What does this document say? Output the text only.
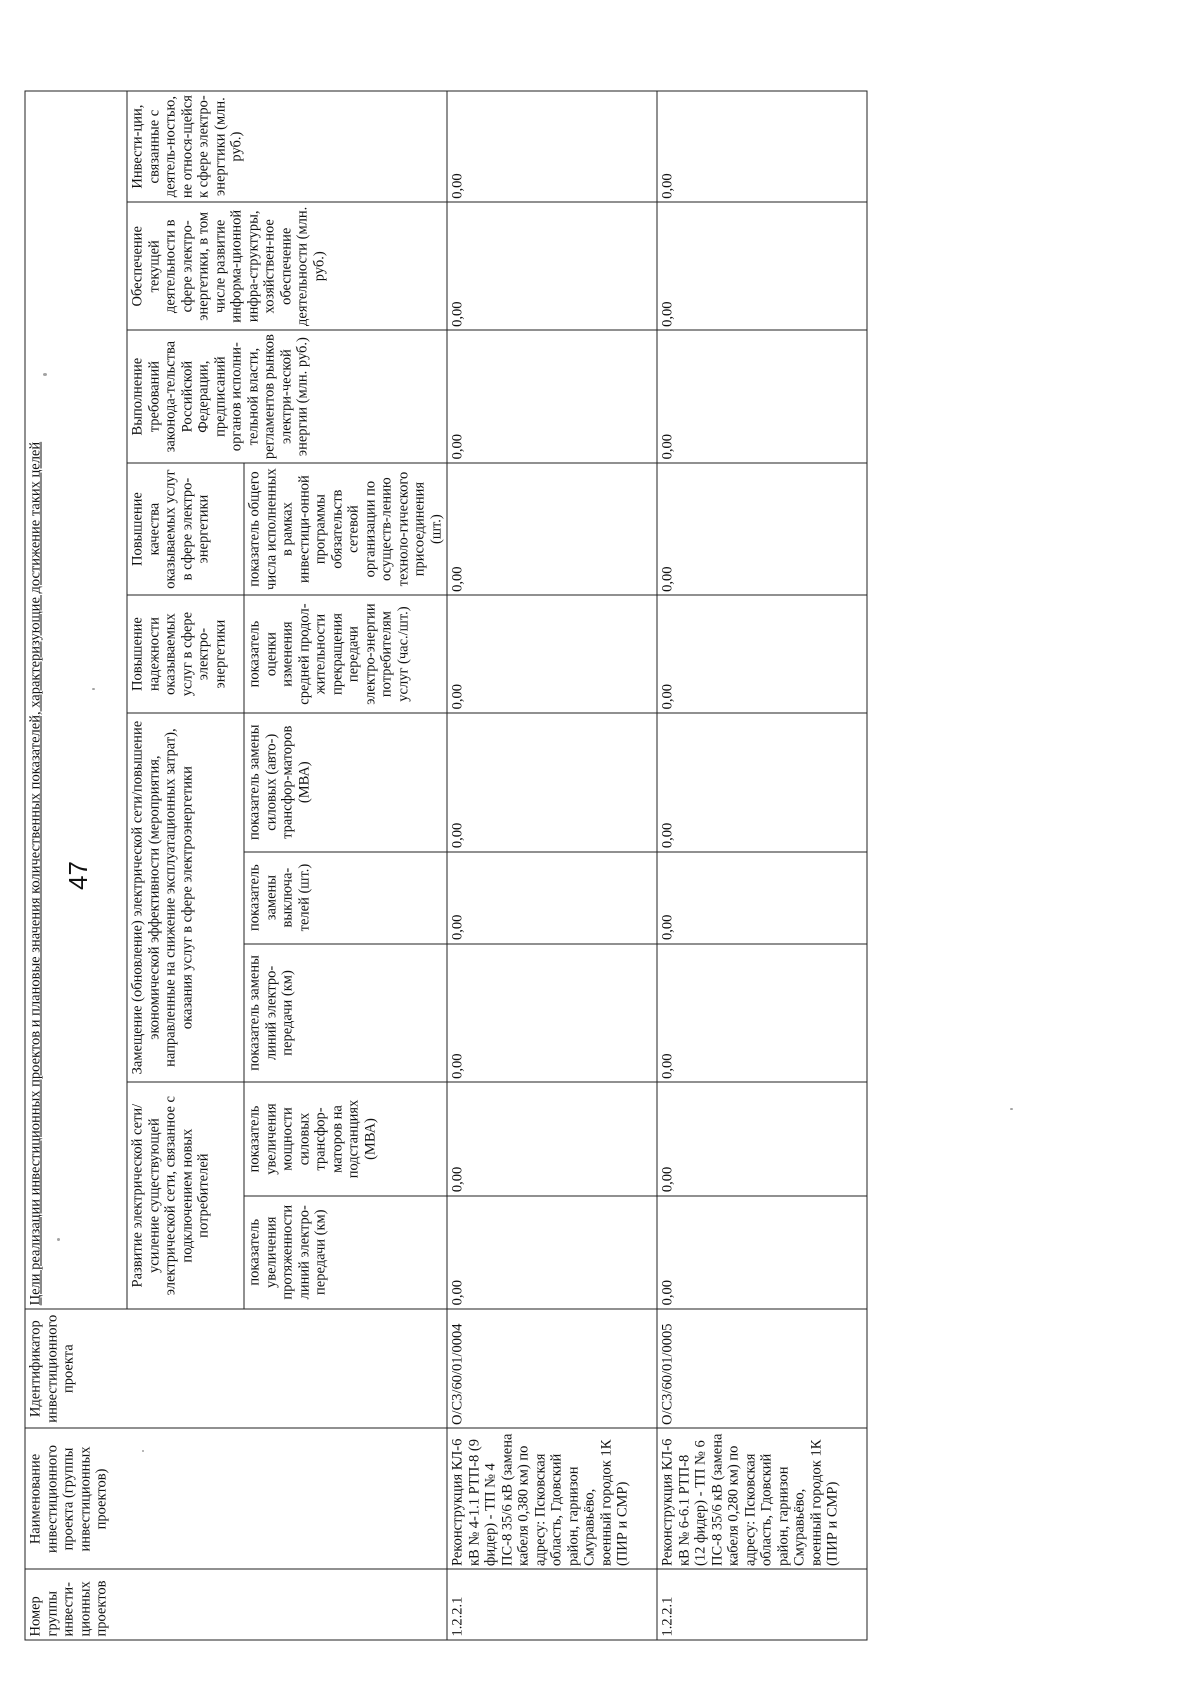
47
Номер группы инвести-ционных проектов	Наименование инвестиционного проекта (группы инвестиционных проектов)	Идентификатор инвестиционного проекта	Цели реализации инвестиционных проектов и плановые значения количественных показателей, характеризующие достижение таких целей									
			Развитие электрической сети/усиление существующей электрической сети, связанное с подключением новых потребителей		Замещение (обновление) электрической сети/повышение экономической эффективности (мероприятия, направленные на снижение эксплуатационных затрат), оказания услуг в сфере электроэнергетики			Повышение надежности оказываемых услуг в сфере электро-энергетики	Повышение качества оказываемых услуг в сфере электро-энергетики	Выполнение требований законода-тельства Российской Федерации, предписаний органов исполни-тельной власти, регламентов рынков электри-ческой энергии (млн. руб.)	Обеспечение текущей деятельности в сфере электро-энергетики, в том числе развитие информа-ционной инфра-структуры, хозяйствен-ное обеспечение деятельности (млн. руб.)	Инвести-ции, связанные с деятель-ностью, не относя-щейся к сфере электро-энергтики (млн. руб.)
			показатель увеличения протяженности линий электро-передачи (км)	показатель увеличения мощности силовых трансфор-маторов на подстанциях (МВА)	показатель замены линий электро-передачи (км)	показатель замены выключа-телей (шт.)	показатель замены силовых (авто-) трансфор-маторов (МВА)	показатель оценки изменения средней продол-жительности прекращения передачи электро-энергии потребителям услуг (час./шт.)	показатель общего числа исполненных в рамках инвестици-онной программы обязательств сетевой организации по осуществ-лению техноло-гического присоединения (шт.)			
1.2.2.1	Реконструкция КЛ-6 кВ № 4-1.1 РТП-8 (9 фидер) - ТП № 4 ПС-8 35/6 кВ (замена кабеля 0,380 км) по адресу: Псковская область, Гдовский район, гарнизон Смуравьёво, военный городок 1К (ПИР и СМР)	O/C3/60/01/0004	0,00	0,00	0,00	0,00	0,00	0,00	0,00	0,00	0,00	0,00
1.2.2.1	Реконструкция КЛ-6 кВ № 6-6.1 РТП-8 (12 фидер) - ТП № 6 ПС-8 35/6 кВ (замена кабеля 0,280 км) по адресу: Псковская область, Гдовский район, гарнизон Смуравьёво, военный городок 1К (ПИР и СМР)	O/C3/60/01/0005	0,00	0,00	0,00	0,00	0,00	0,00	0,00	0,00	0,00	0,00
